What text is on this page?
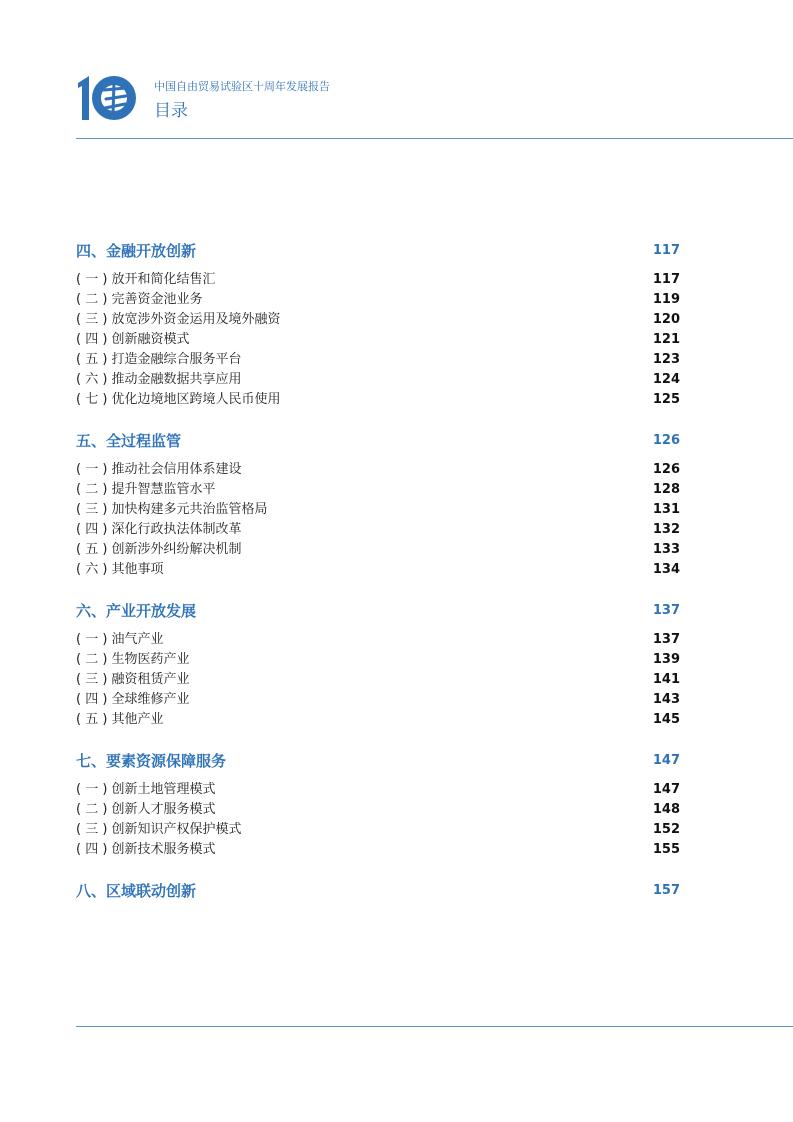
中国自由贸易试验区十周年发展报告
目录
四、金融开放创新	117
( 一 ) 放开和简化结售汇	117
( 二 ) 完善资金池业务	119
( 三 ) 放宽涉外资金运用及境外融资	120
( 四 ) 创新融资模式	121
( 五 ) 打造金融综合服务平台	123
( 六 ) 推动金融数据共享应用	124
( 七 ) 优化边境地区跨境人民币使用	125
五、全过程监管	126
( 一 ) 推动社会信用体系建设	126
( 二 ) 提升智慧监管水平	128
( 三 ) 加快构建多元共治监管格局	131
( 四 ) 深化行政执法体制改革	132
( 五 ) 创新涉外纠纷解决机制	133
( 六 ) 其他事项	134
六、产业开放发展	137
( 一 ) 油气产业	137
( 二 ) 生物医药产业	139
( 三 ) 融资租赁产业	141
( 四 ) 全球维修产业	143
( 五 ) 其他产业	145
七、要素资源保障服务	147
( 一 ) 创新土地管理模式	147
( 二 ) 创新人才服务模式	148
( 三 ) 创新知识产权保护模式	152
( 四 ) 创新技术服务模式	155
八、区域联动创新	157
